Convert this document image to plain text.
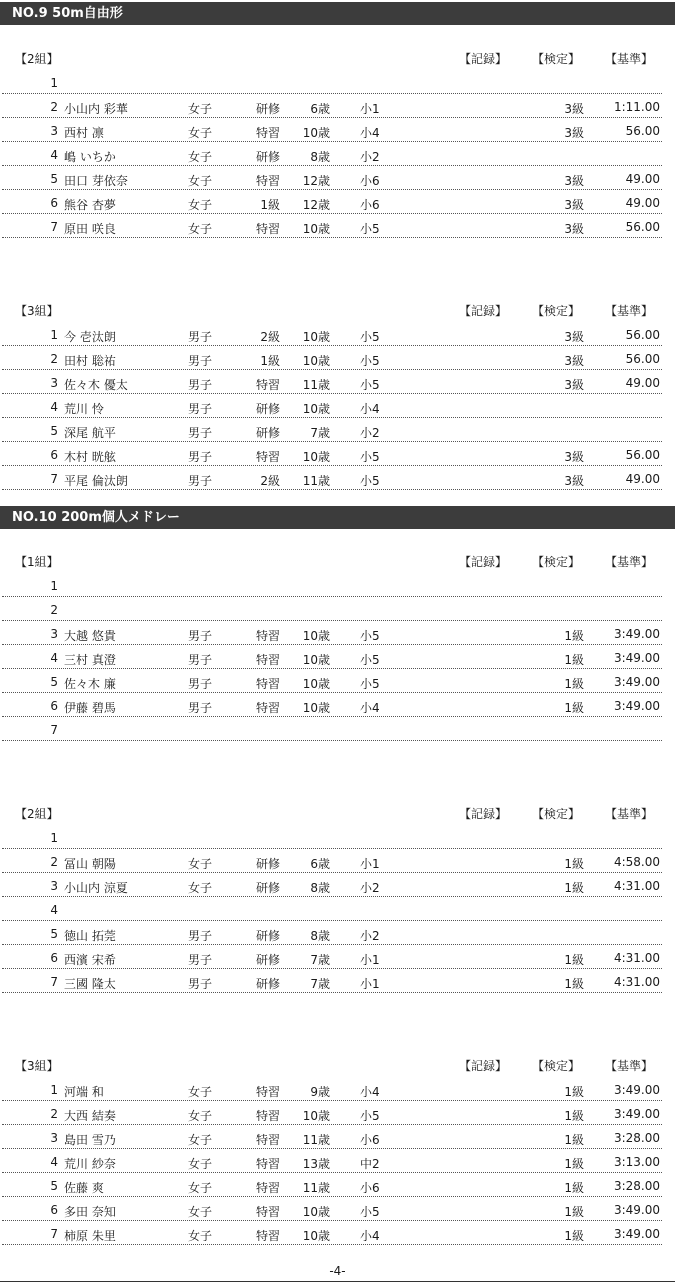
NO.9 50m自由形
NO.10 200m個人メドレー
【2組】	【記録】 【検定】 【基準】
1
2 小山内 彩華	女子	研修	6歳	小1	3級	1:11.00
3 西村 凛	女子	特習	10歳	小4	3級	56.00
4 嶋 いちか	女子	研修	8歳	小2
5 田口 芽依奈	女子	特習	12歳	小6	3級	49.00
6 熊谷 杏夢	女子	1級	12歳	小6	3級	49.00
7 原田 咲良	女子	特習	10歳	小5	3級	56.00
【3組】	【記録】 【検定】 【基準】
1 今 壱汰朗	男子	2級	10歳	小5	3級	56.00
2 田村 聡祐	男子	1級	10歳	小5	3級	56.00
3 佐々木 優太	男子	特習	11歳	小5	3級	49.00
4 荒川 怜	男子	研修	10歳	小4
5 深尾 航平	男子	研修	7歳	小2
6 木村 晄舷	男子	特習	10歳	小5	3級	56.00
7 平尾 倫汰朗	男子	2級	11歳	小5	3級	49.00
【1組】	【記録】 【検定】 【基準】
1
2
3 大越 悠貴	男子	特習	10歳	小5	1級	3:49.00
4 三村 真澄	男子	特習	10歳	小5	1級	3:49.00
5 佐々木 廉	男子	特習	10歳	小5	1級	3:49.00
6 伊藤 碧馬	男子	特習	10歳	小4	1級	3:49.00
7
【2組】	【記録】 【検定】 【基準】
1
2 冨山 朝陽	女子	研修	6歳	小1	1級	4:58.00
3 小山内 涼夏	女子	研修	8歳	小2	1級	4:31.00
4
5 徳山 拓莞	男子	研修	8歳	小2
6 西濱 宋希	男子	研修	7歳	小1	1級	4:31.00
7 三國 隆太	男子	研修	7歳	小1	1級	4:31.00
【3組】	【記録】 【検定】 【基準】
1 河端 和	女子	特習	9歳	小4	1級	3:49.00
2 大西 結奏	女子	特習	10歳	小5	1級	3:49.00
3 島田 雪乃	女子	特習	11歳	小6	1級	3:28.00
4 荒川 紗奈	女子	特習	13歳	中2	1級	3:13.00
5 佐藤 爽	女子	特習	11歳	小6	1級	3:28.00
6 多田 奈知	女子	特習	10歳	小5	1級	3:49.00
7 柿原 朱里	女子	特習	10歳	小4	1級	3:49.00
-4-
